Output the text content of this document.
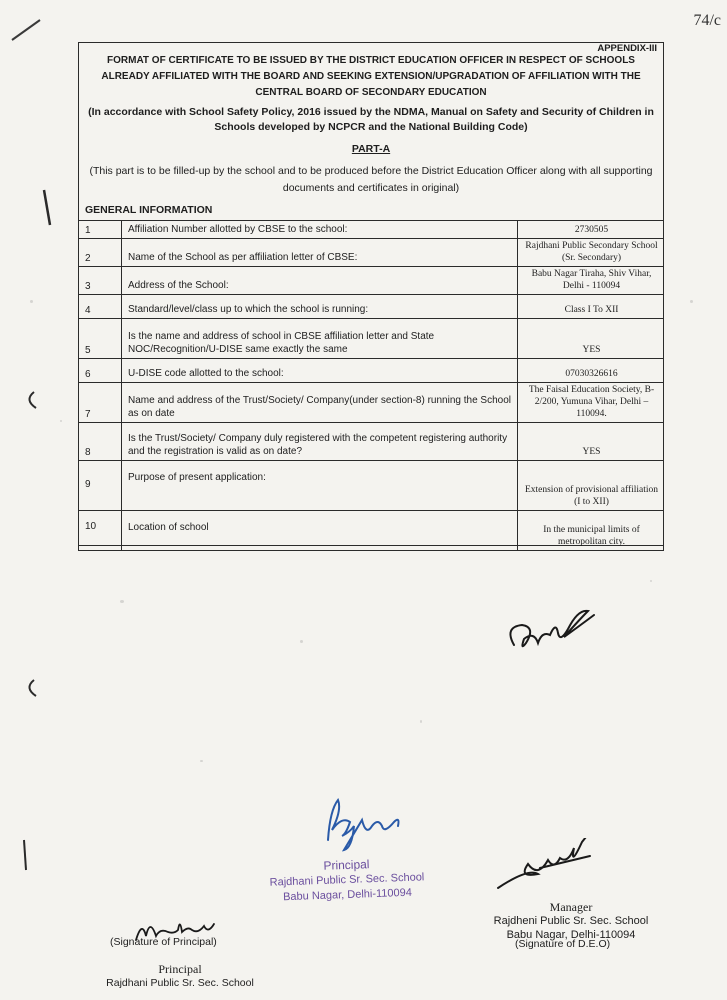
74/c
APPENDIX-III
FORMAT OF CERTIFICATE TO BE ISSUED BY THE DISTRICT EDUCATION OFFICER IN RESPECT OF SCHOOLS ALREADY AFFILIATED WITH THE BOARD AND SEEKING EXTENSION/UPGRADATION OF AFFILIATION WITH THE CENTRAL BOARD OF SECONDARY EDUCATION
(In accordance with School Safety Policy, 2016 issued by the NDMA, Manual on Safety and Security of Children in Schools developed by NCPCR and the National Building Code)
PART-A
(This part is to be filled-up by the school and to be produced before the District Education Officer along with all supporting documents and certificates in original)
GENERAL INFORMATION
1	Affiliation Number allotted by CBSE to the school:	2730505
2	Name of the School as per affiliation letter of CBSE:	Rajdhani Public Secondary School (Sr. Secondary)
3	Address of the School:	Babu Nagar Tiraha, Shiv Vihar, Delhi - 110094
4	Standard/level/class up to which the school is running:	Class I To XII
5	Is the name and address of school in CBSE affiliation letter and State NOC/Recognition/U-DISE same exactly the same	YES
6	U-DISE code allotted to the school:	07030326616
7	Name and address of the Trust/Society/ Company(under section-8) running the School as on date	The Faisal Education Society, B-2/200, Yumuna Vihar, Delhi – 110094.
8	Is the Trust/Society/ Company duly registered with the competent registering authority and the registration is valid as on date?	YES
9	Purpose of present application:	Extension of provisional affiliation (I to XII)
10	Location of school	In the municipal limits of metropolitan city.
Principal
Rajdhani Public Sr. Sec. School
Babu Nagar, Delhi-110094
Manager
Rajdheni Public Sr. Sec. School
Babu Nagar, Delhi-110094
(Signature of Principal)	(Signature of D.E.O)
Principal
Rajdhani Public Sr. Sec. School
